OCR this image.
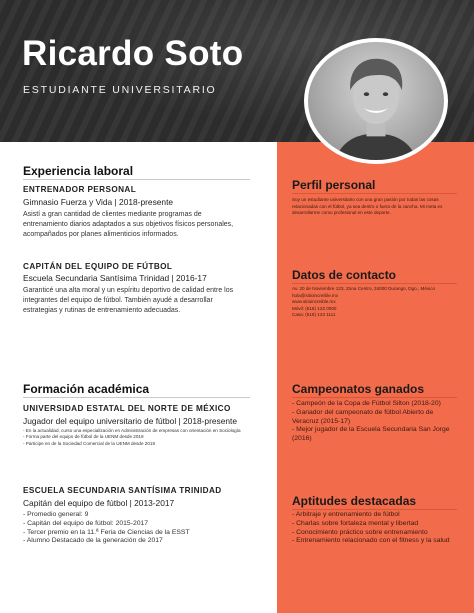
Ricardo Soto
ESTUDIANTE UNIVERSITARIO
Experiencia laboral
ENTRENADOR PERSONAL
Gimnasio Fuerza y Vida | 2018-presente
Asistí a gran cantidad de clientes mediante programas de entrenamiento diarios adaptados a sus objetivos físicos personales, acompañados por planes alimenticios informados.
CAPITÁN DEL EQUIPO DE FÚTBOL
Escuela Secundaria Santísima Trinidad | 2016-17
Garanticé una alta moral y un espíritu deportivo de calidad entre los integrantes del equipo de fútbol. También ayudé a desarrollar estrategias y rutinas de entrenamiento adecuadas.
Formación académica
UNIVERSIDAD ESTATAL DEL NORTE DE MÉXICO
Jugador del equipo universitario de fútbol | 2018-presente
- En la actualidad, curso una especialización en Administración de empresas con orientación en Sociología
- Forma parte del equipo de fútbol de la UENM desde 2019
- Participe en de la Sociedad Comercial de la UENM desde 2018
ESCUELA SECUNDARIA SANTÍSIMA TRINIDAD
Capitán del equipo de fútbol | 2013-2017
- Promedio general: 9
- Capitán del equipo de fútbol: 2015-2017
- Tercer premio en la 11.ª Feria de Ciencias de la ESST
- Alumno Destacado de la generación de 2017
Perfil personal
Soy un estudiante universitario con una gran pasión por todas las cosas relacionadas con el fútbol, ya sea dentro o fuera de la cancha. Mi meta es desarrollarme como profesional en este deporte.
Datos de contacto
Av. 20 de Noviembre 123, Zona Centro, 34000 Durango, Dgo., México
hola@sitioincreible.mx
www.sitioincreible.mx
Móvil: (618) 123 0000
Casa: (618) 123 1111
Campeonatos ganados
- Campeón de la Copa de Fútbol Silton (2018-20)
- Ganador del campeonato de fútbol Abierto de Veracruz (2015-17)
- Mejor jugador de la Escuela Secundaria San Jorge (2016)
Aptitudes destacadas
- Arbitraje y entrenamiento de fútbol
- Charlas sobre fortaleza mental y libertad
- Conocimiento práctico sobre entrenamiento
- Entrenamiento relacionado con el fitness y la salud
